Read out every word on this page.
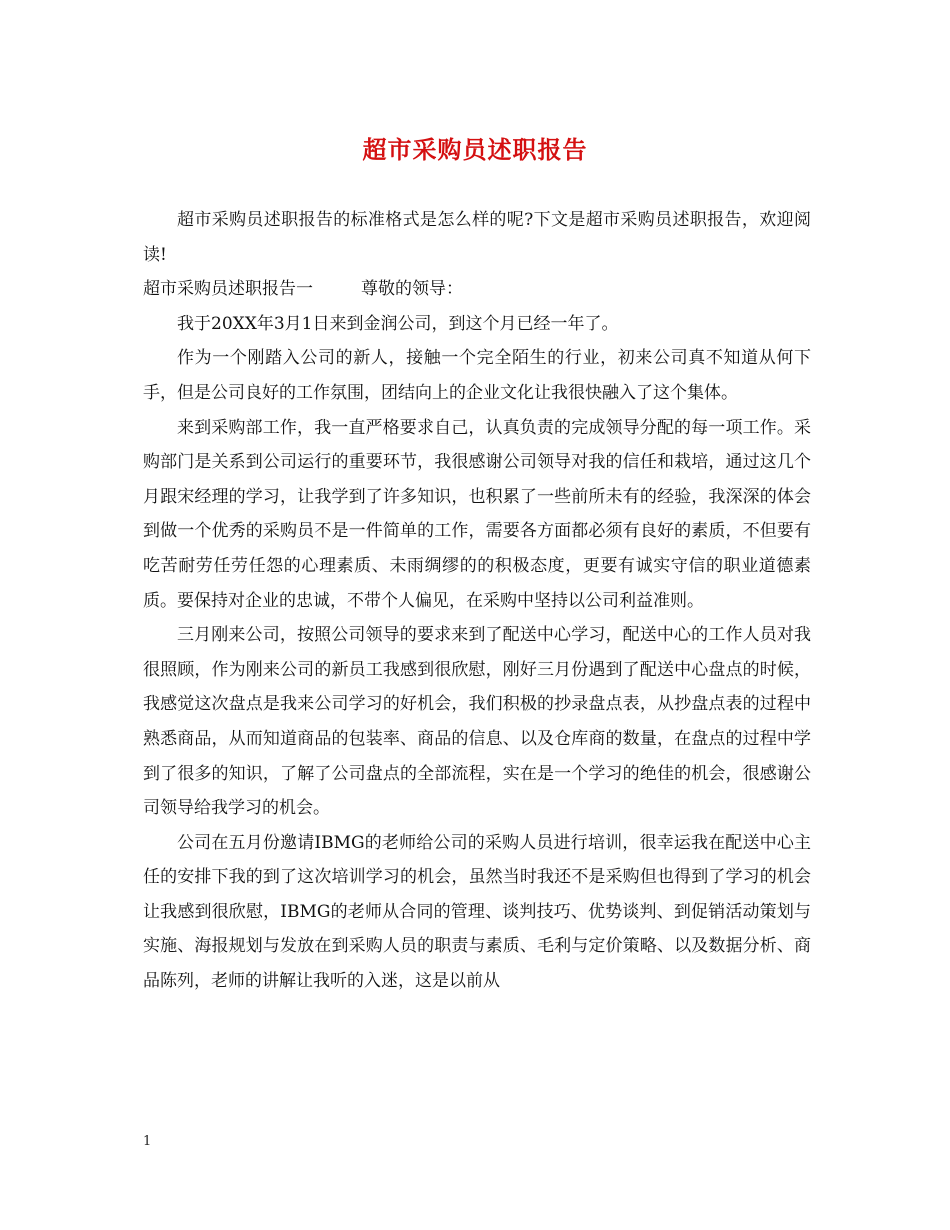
超市采购员述职报告

超市采购员述职报告的标准格式是怎么样的呢?下文是超市采购员述职报告，欢迎阅读!

超市采购员述职报告一	尊敬的领导：

我于20XX年3月1日来到金润公司，到这个月已经一年了。

作为一个刚踏入公司的新人，接触一个完全陌生的行业，初来公司真不知道从何下手，但是公司良好的工作氛围，团结向上的企业文化让我很快融入了这个集体。

来到采购部工作，我一直严格要求自己，认真负责的完成领导分配的每一项工作。采购部门是关系到公司运行的重要环节，我很感谢公司领导对我的信任和栽培，通过这几个月跟宋经理的学习，让我学到了许多知识，也积累了一些前所未有的经验，我深深的体会到做一个优秀的采购员不是一件简单的工作，需要各方面都必须有良好的素质，不但要有吃苦耐劳任劳任怨的心理素质、未雨绸缪的的积极态度，更要有诚实守信的职业道德素质。要保持对企业的忠诚，不带个人偏见，在采购中坚持以公司利益准则。

三月刚来公司，按照公司领导的要求来到了配送中心学习，配送中心的工作人员对我很照顾，作为刚来公司的新员工我感到很欣慰，刚好三月份遇到了配送中心盘点的时候，我感觉这次盘点是我来公司学习的好机会，我们积极的抄录盘点表，从抄盘点表的过程中熟悉商品，从而知道商品的包装率、商品的信息、以及仓库商的数量，在盘点的过程中学到了很多的知识，了解了公司盘点的全部流程，实在是一个学习的绝佳的机会，很感谢公司领导给我学习的机会。

公司在五月份邀请IBMG的老师给公司的采购人员进行培训，很幸运我在配送中心主任的安排下我的到了这次培训学习的机会，虽然当时我还不是采购但也得到了学习的机会让我感到很欣慰，IBMG的老师从合同的管理、谈判技巧、优势谈判、到促销活动策划与实施、海报规划与发放在到采购人员的职责与素质、毛利与定价策略、以及数据分析、商品陈列，老师的讲解让我听的入迷，这是以前从

1
